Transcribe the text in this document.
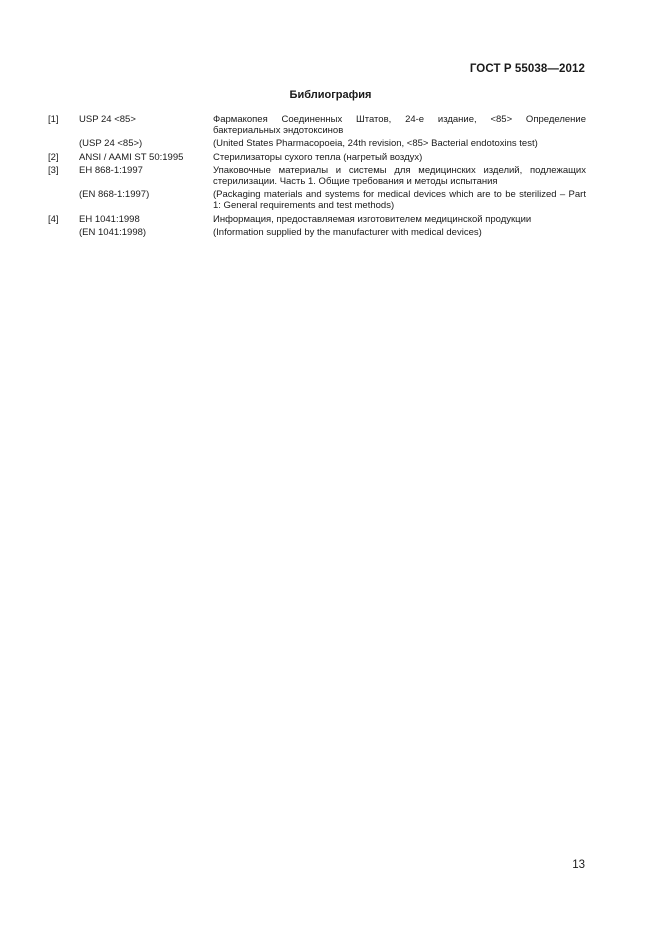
ГОСТ Р 55038—2012
Библиография
[1]	USP 24 <85>	Фармакопея Соединенных Штатов, 24-е издание, <85> Определение бактериальных эндотоксинов
(USP 24 <85>)	(United States Pharmacopoeia, 24th revision, <85> Bacterial endotoxins test)
[2]	ANSI / AAMI ST 50:1995	Стерилизаторы сухого тепла (нагретый воздух)
[3]	ЕН 868-1:1997	Упаковочные материалы и системы для медицинских изделий, подлежащих стерилизации. Часть 1. Общие требования и методы испытания
(EN 868-1:1997)	(Packaging materials and systems for medical devices which are to be sterilized – Part 1: General requirements and test methods)
[4]	ЕН 1041:1998	Информация, предоставляемая изготовителем медицинской продукции
(EN 1041:1998)	(Information supplied by the manufacturer with medical devices)
13
